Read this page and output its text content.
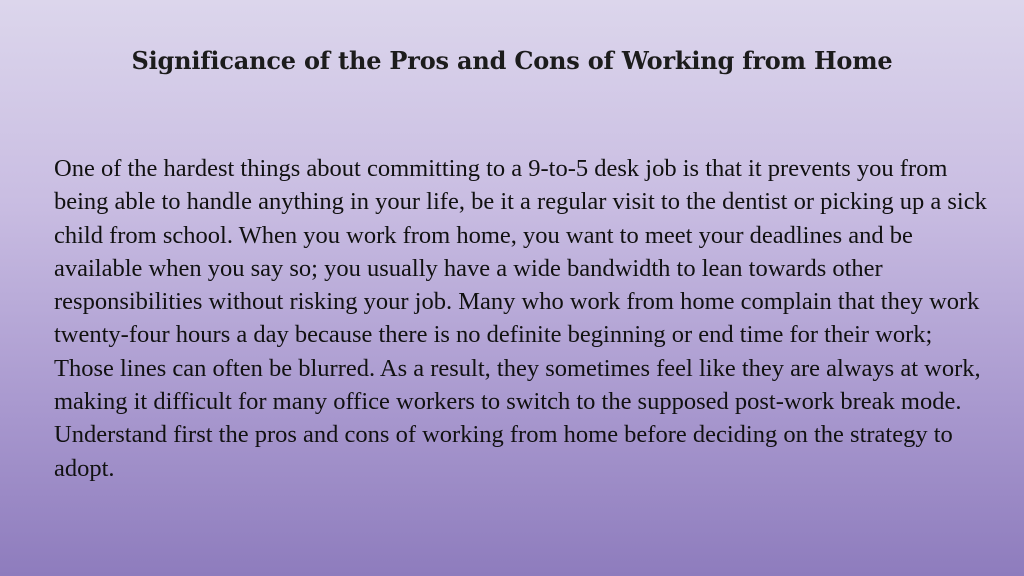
Significance of the Pros and Cons of Working from Home

One of the hardest things about committing to a 9-to-5 desk job is that it prevents you from being able to handle anything in your life, be it a regular visit to the dentist or picking up a sick child from school. When you work from home, you want to meet your deadlines and be available when you say so; you usually have a wide bandwidth to lean towards other responsibilities without risking your job. Many who work from home complain that they work twenty-four hours a day because there is no definite beginning or end time for their work; Those lines can often be blurred. As a result, they sometimes feel like they are always at work, making it difficult for many office workers to switch to the supposed post-work break mode. Understand first the pros and cons of working from home before deciding on the strategy to adopt.
